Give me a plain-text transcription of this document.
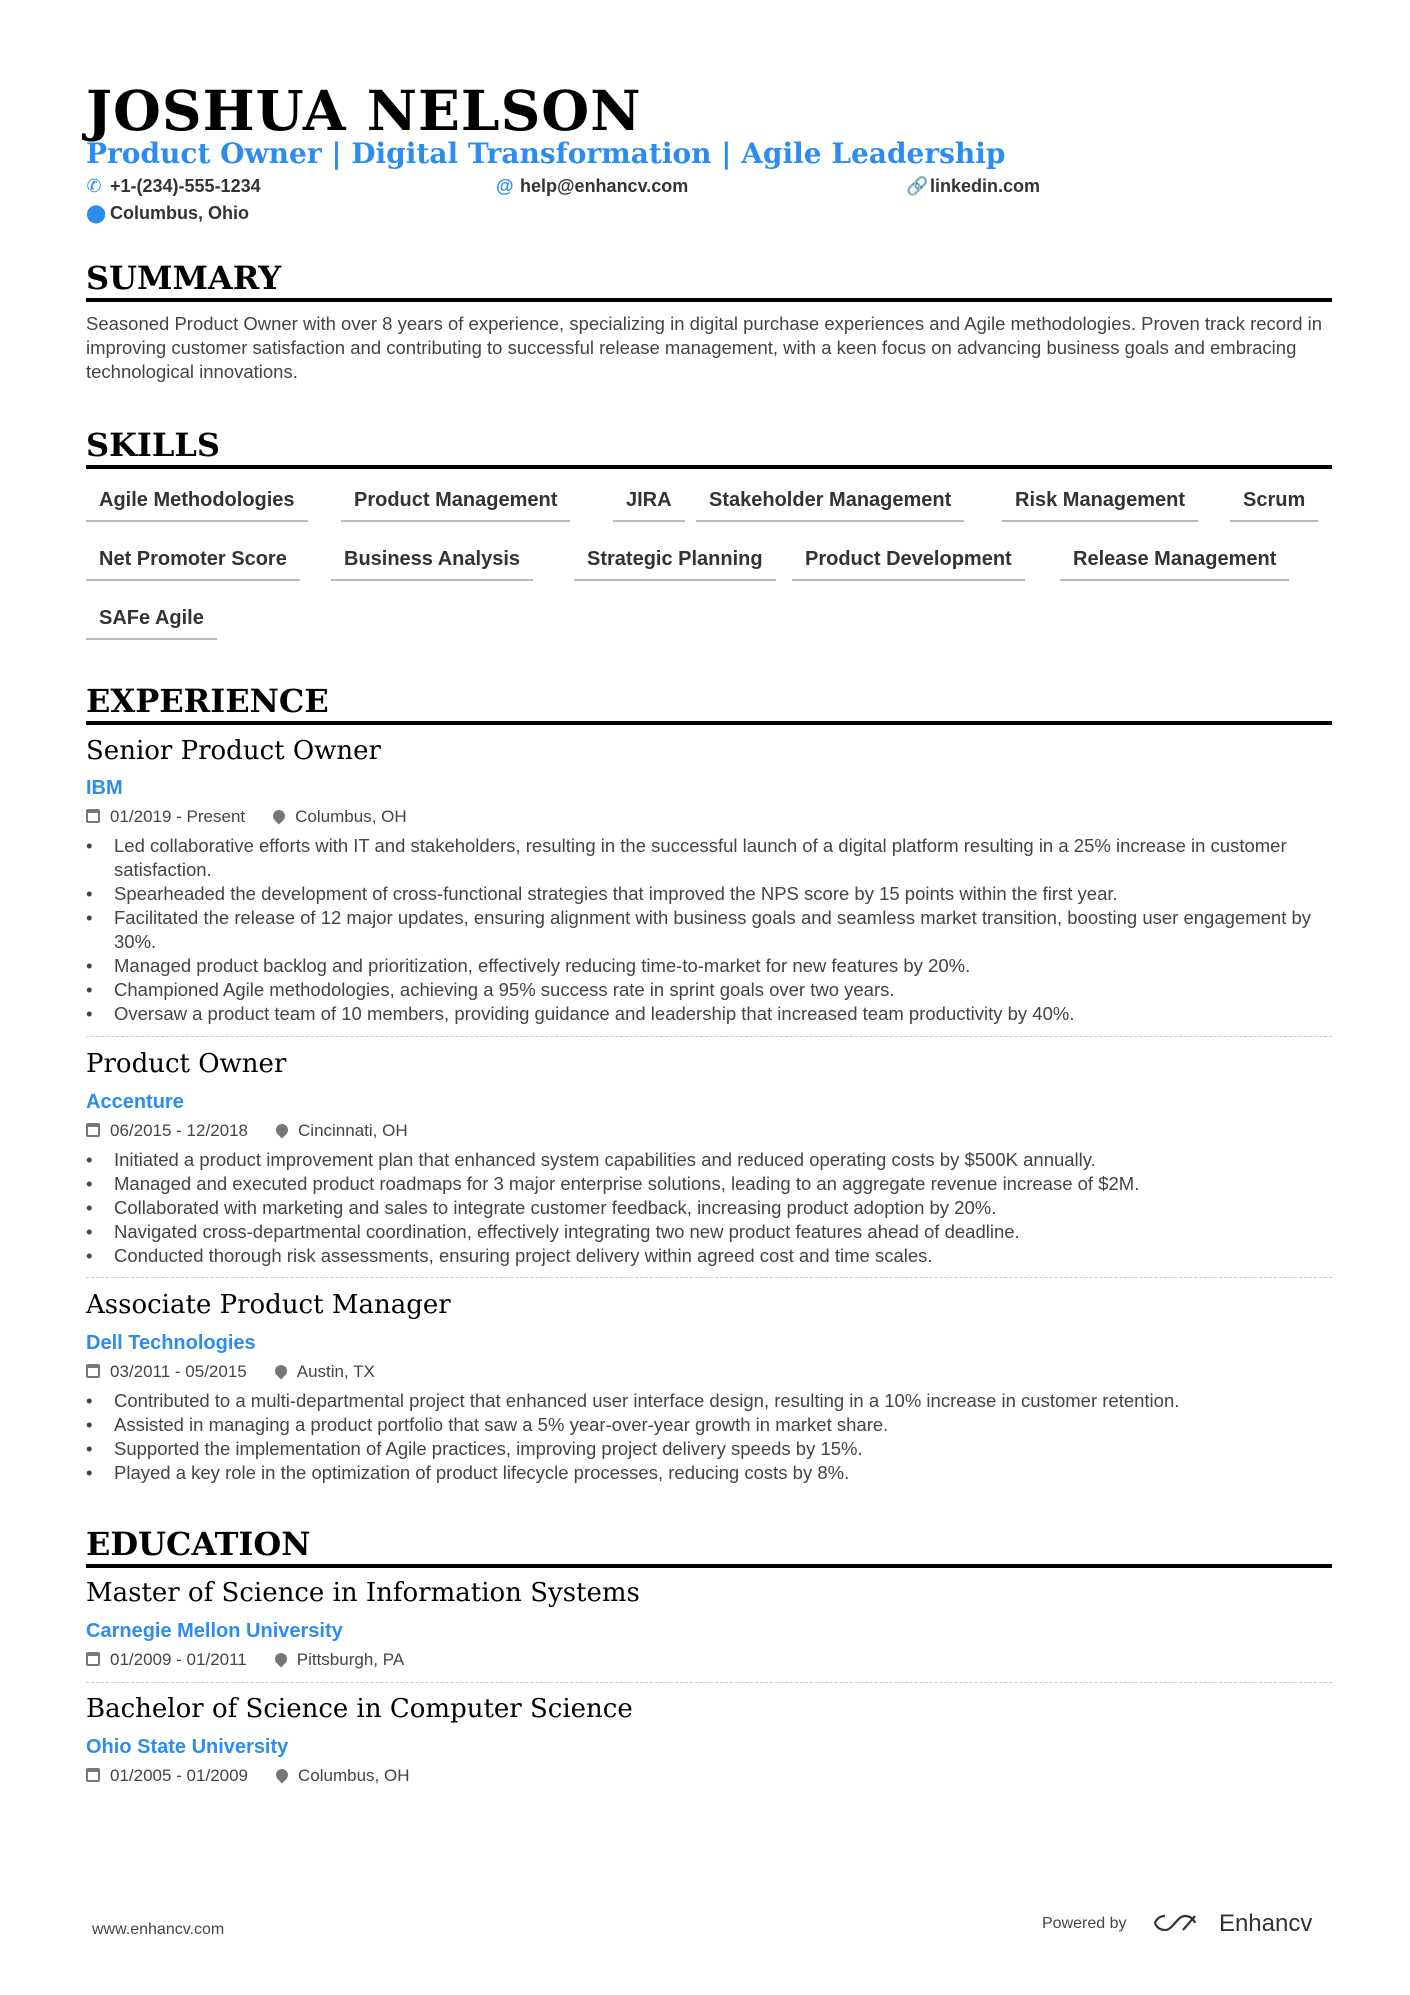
JOSHUA NELSON
Product Owner | Digital Transformation | Agile Leadership
✆ +1-(234)-555-1234	@ help@enhancv.com	🔗linkedin.com
⬤ Columbus, Ohio
SUMMARY
Seasoned Product Owner with over 8 years of experience, specializing in digital purchase experiences and Agile methodologies. Proven track record in improving customer satisfaction and contributing to successful release management, with a keen focus on advancing business goals and embracing technological innovations.
SKILLS
Agile Methodologies	Product Management	JIRA	Stakeholder Management	Risk Management	Scrum
Net Promoter Score	Business Analysis	Strategic Planning	Product Development	Release Management
SAFe Agile
EXPERIENCE
Senior Product Owner
IBM
01/2019 - Present	Columbus, OH
• Led collaborative efforts with IT and stakeholders, resulting in the successful launch of a digital platform resulting in a 25% increase in customer satisfaction.
• Spearheaded the development of cross-functional strategies that improved the NPS score by 15 points within the first year.
• Facilitated the release of 12 major updates, ensuring alignment with business goals and seamless market transition, boosting user engagement by 30%.
• Managed product backlog and prioritization, effectively reducing time-to-market for new features by 20%.
• Championed Agile methodologies, achieving a 95% success rate in sprint goals over two years.
• Oversaw a product team of 10 members, providing guidance and leadership that increased team productivity by 40%.
Product Owner
Accenture
06/2015 - 12/2018	Cincinnati, OH
• Initiated a product improvement plan that enhanced system capabilities and reduced operating costs by $500K annually.
• Managed and executed product roadmaps for 3 major enterprise solutions, leading to an aggregate revenue increase of $2M.
• Collaborated with marketing and sales to integrate customer feedback, increasing product adoption by 20%.
• Navigated cross-departmental coordination, effectively integrating two new product features ahead of deadline.
• Conducted thorough risk assessments, ensuring project delivery within agreed cost and time scales.
Associate Product Manager
Dell Technologies
03/2011 - 05/2015	Austin, TX
• Contributed to a multi-departmental project that enhanced user interface design, resulting in a 10% increase in customer retention.
• Assisted in managing a product portfolio that saw a 5% year-over-year growth in market share.
• Supported the implementation of Agile practices, improving project delivery speeds by 15%.
• Played a key role in the optimization of product lifecycle processes, reducing costs by 8%.
EDUCATION
Master of Science in Information Systems
Carnegie Mellon University
01/2009 - 01/2011	Pittsburgh, PA
Bachelor of Science in Computer Science
Ohio State University
01/2005 - 01/2009	Columbus, OH
www.enhancv.com	Powered by	Enhancv
